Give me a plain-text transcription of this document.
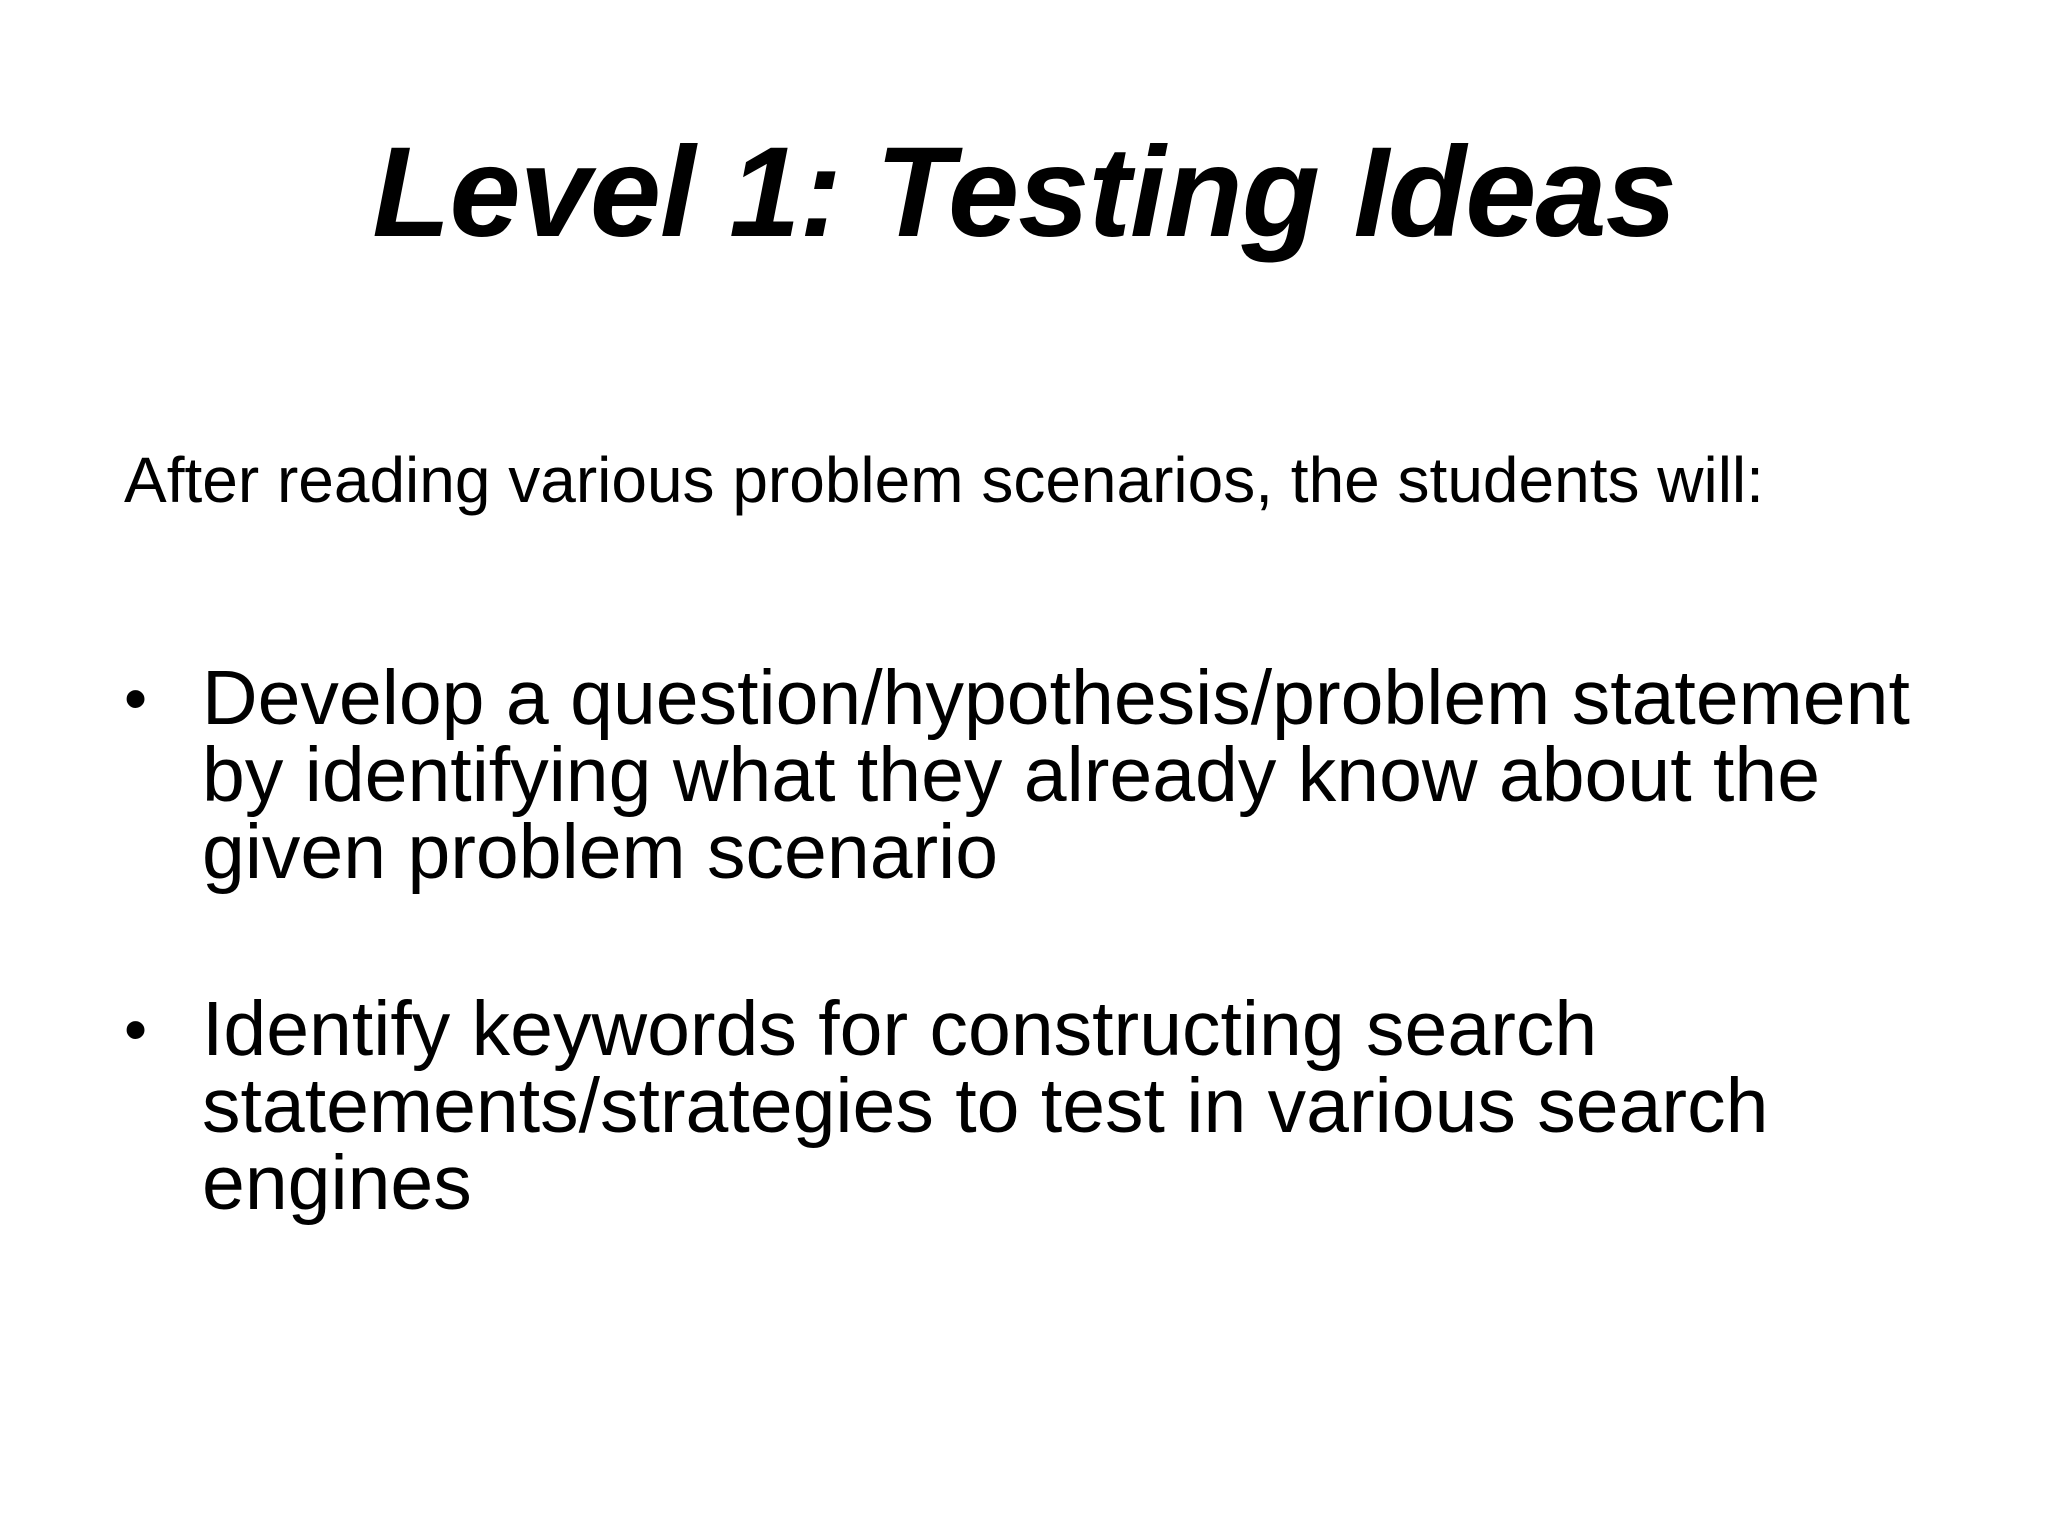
Level 1: Testing Ideas
After reading various problem scenarios, the students will:
• Develop a question/hypothesis/problem statement by identifying what they already know about the given problem scenario
• Identify keywords for constructing search statements/strategies to test in various search engines
